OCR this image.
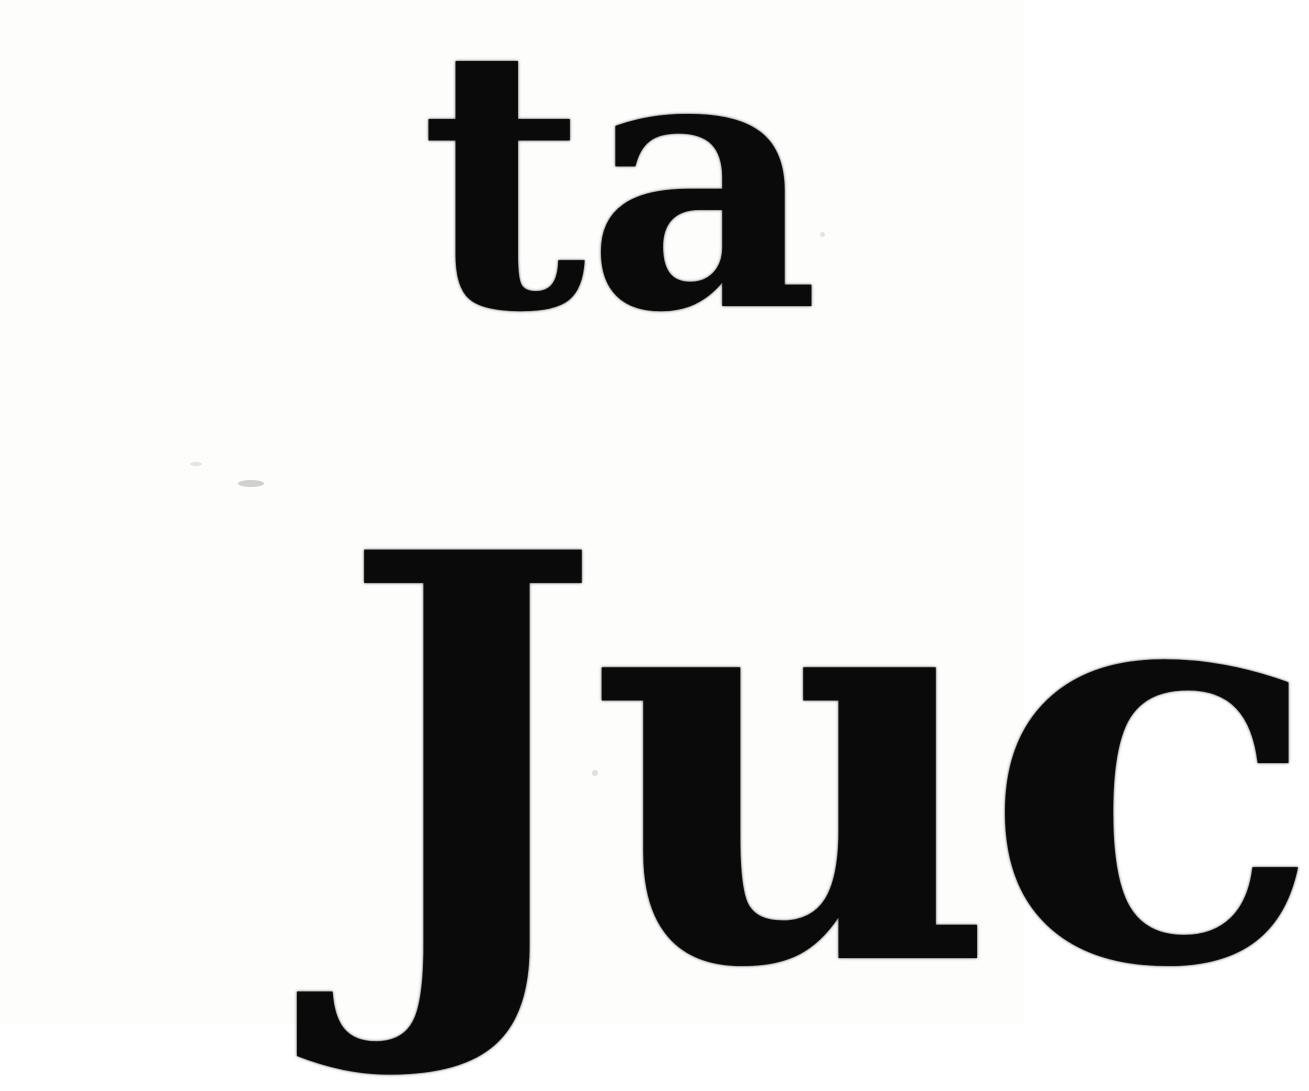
ta
Juc
